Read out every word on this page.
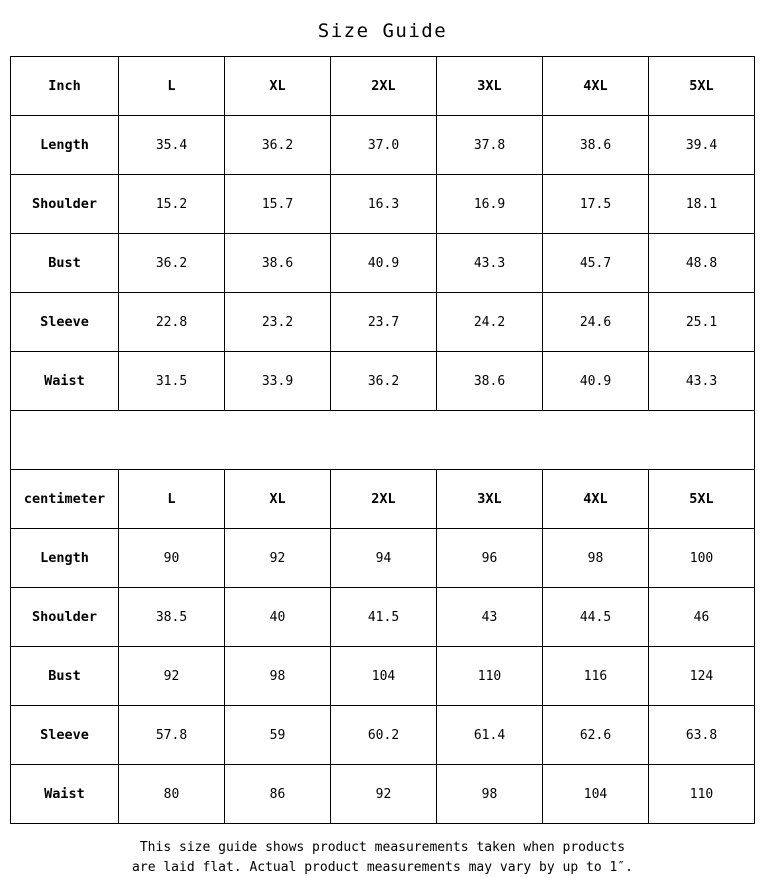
Size Guide
Inch	L	XL	2XL	3XL	4XL	5XL
Length	35.4	36.2	37.0	37.8	38.6	39.4
Shoulder	15.2	15.7	16.3	16.9	17.5	18.1
Bust	36.2	38.6	40.9	43.3	45.7	48.8
Sleeve	22.8	23.2	23.7	24.2	24.6	25.1
Waist	31.5	33.9	36.2	38.6	40.9	43.3

centimeter	L	XL	2XL	3XL	4XL	5XL
Length	90	92	94	96	98	100
Shoulder	38.5	40	41.5	43	44.5	46
Bust	92	98	104	110	116	124
Sleeve	57.8	59	60.2	61.4	62.6	63.8
Waist	80	86	92	98	104	110
This size guide shows product measurements taken when products
are laid flat. Actual product measurements may vary by up to 1″.
